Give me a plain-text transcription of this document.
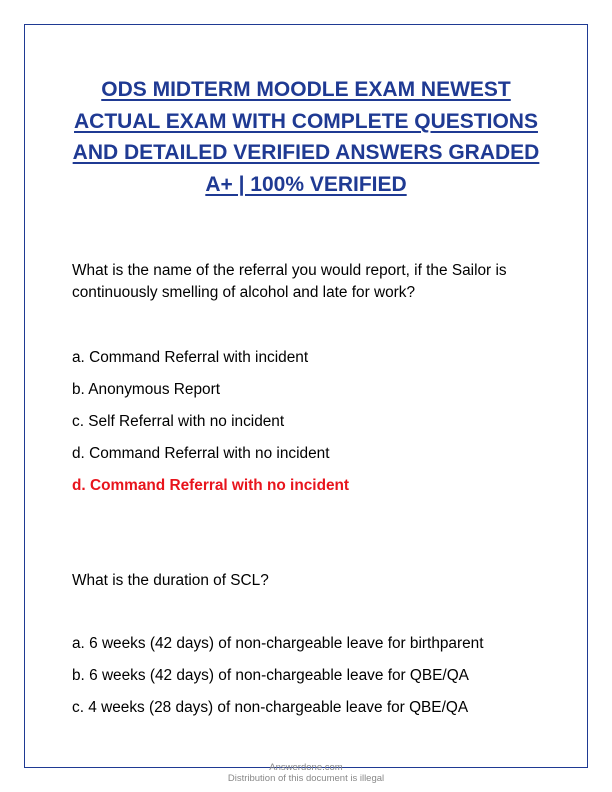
ODS MIDTERM MOODLE EXAM NEWEST ACTUAL EXAM WITH COMPLETE QUESTIONS AND DETAILED VERIFIED ANSWERS GRADED A+ | 100% VERIFIED
What is the name of the referral you would report, if the Sailor is continuously smelling of alcohol and late for work?
a. Command Referral with incident
b. Anonymous Report
c. Self Referral with no incident
d. Command Referral with no incident
d. Command Referral with no incident
What is the duration of SCL?
a. 6 weeks (42 days) of non-chargeable leave for birthparent
b. 6 weeks (42 days) of non-chargeable leave for QBE/QA
c. 4 weeks (28 days) of non-chargeable leave for QBE/QA
Answerdone.com
Distribution of this document is illegal
